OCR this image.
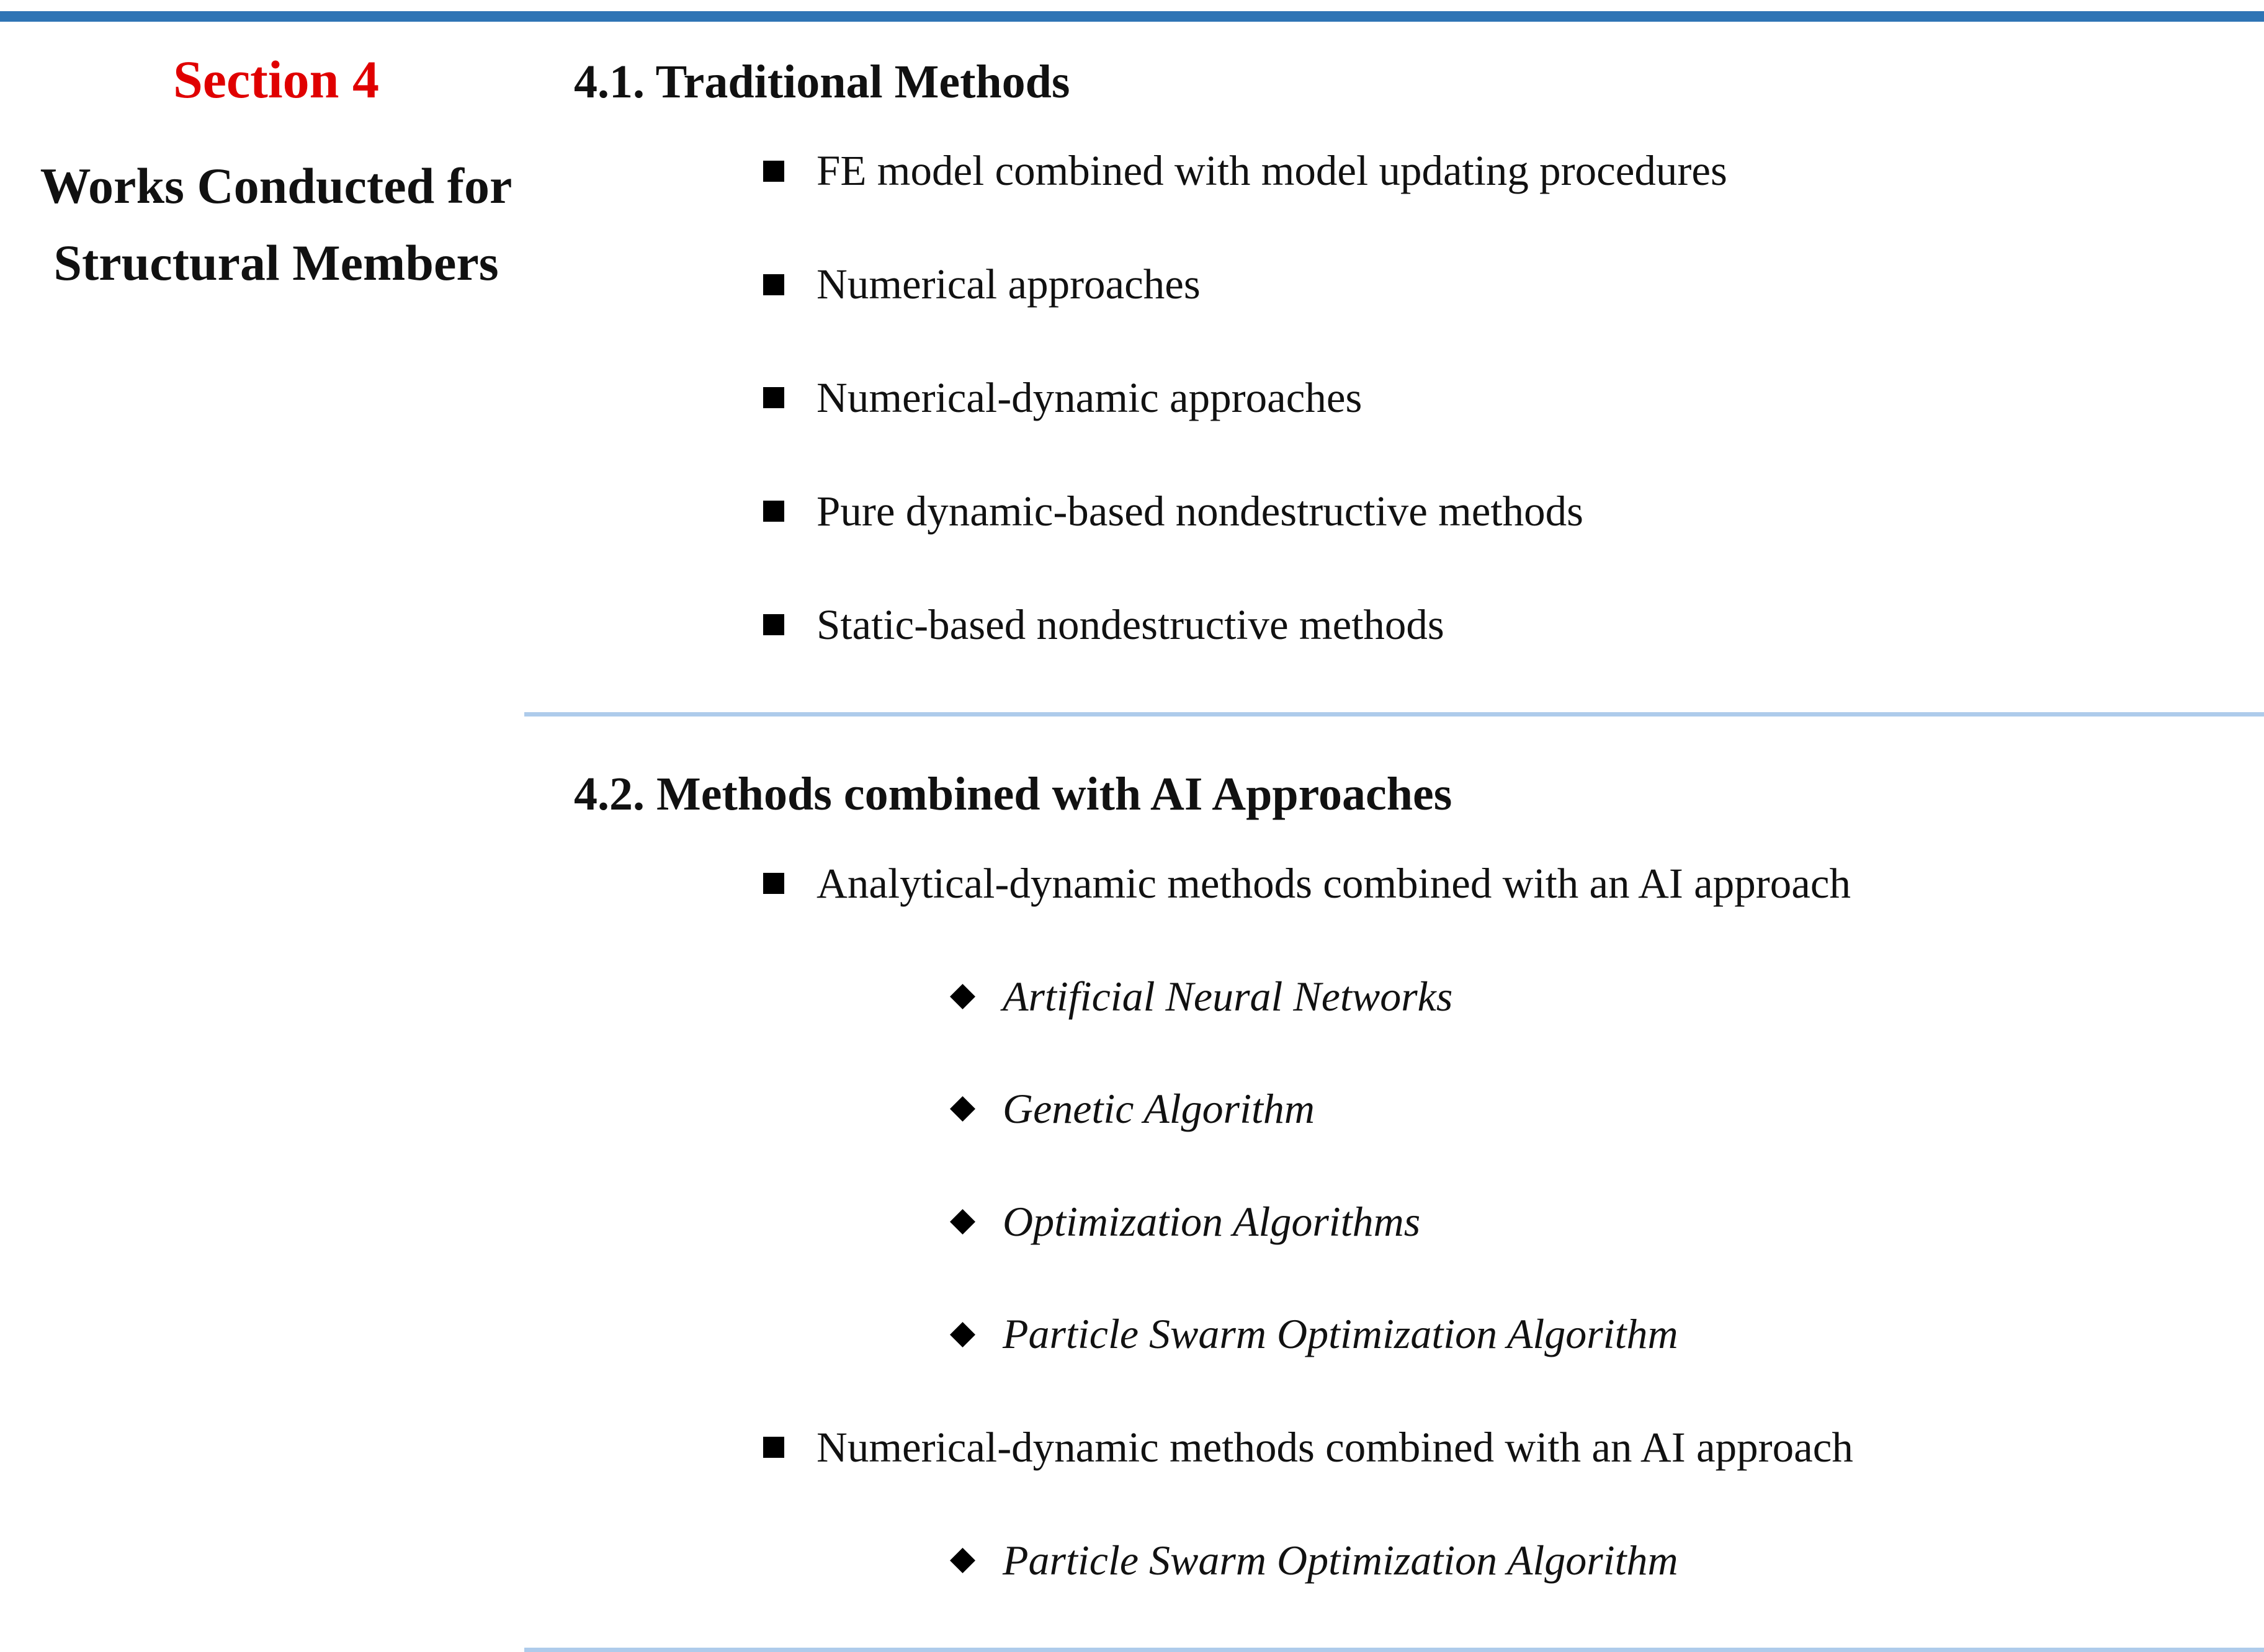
Section 4
Works Conducted for Structural Members
4.1. Traditional Methods
FE model combined with model updating procedures
Numerical approaches
Numerical-dynamic approaches
Pure dynamic-based nondestructive methods
Static-based nondestructive methods
4.2. Methods combined with AI Approaches
Analytical-dynamic methods combined with an AI approach
Artificial Neural Networks
Genetic Algorithm
Optimization Algorithms
Particle Swarm Optimization Algorithm
Numerical-dynamic methods combined with an AI approach
Particle Swarm Optimization Algorithm
